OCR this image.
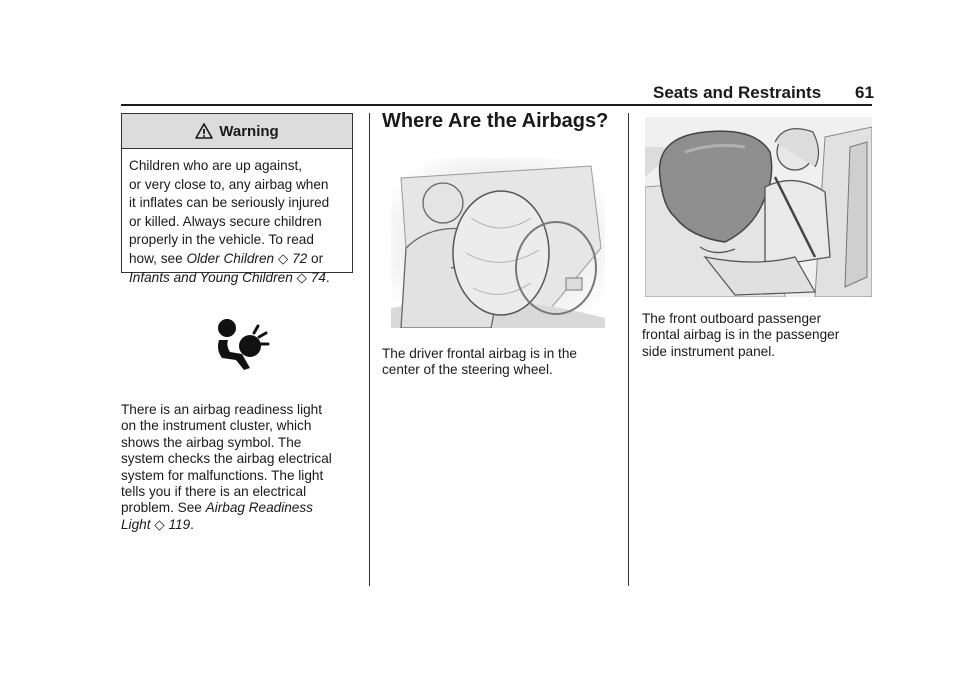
Seats and Restraints 61
Warning

Children who are up against,

or very close to, any airbag when

it inflates can be seriously injured

or killed. Always secure children

properly in the vehicle. To read

how, see Older Children ◇ 72 or

Infants and Young Children ◇ 74.

There is an airbag readiness light

on the instrument cluster, which

shows the airbag symbol. The

system checks the airbag electrical

system for malfunctions. The light

tells you if there is an electrical

problem. See Airbag Readiness

Light ◇ 119.

Where Are the Airbags?

The driver frontal airbag is in the

center of the steering wheel.

The front outboard passenger

frontal airbag is in the passenger

side instrument panel.
